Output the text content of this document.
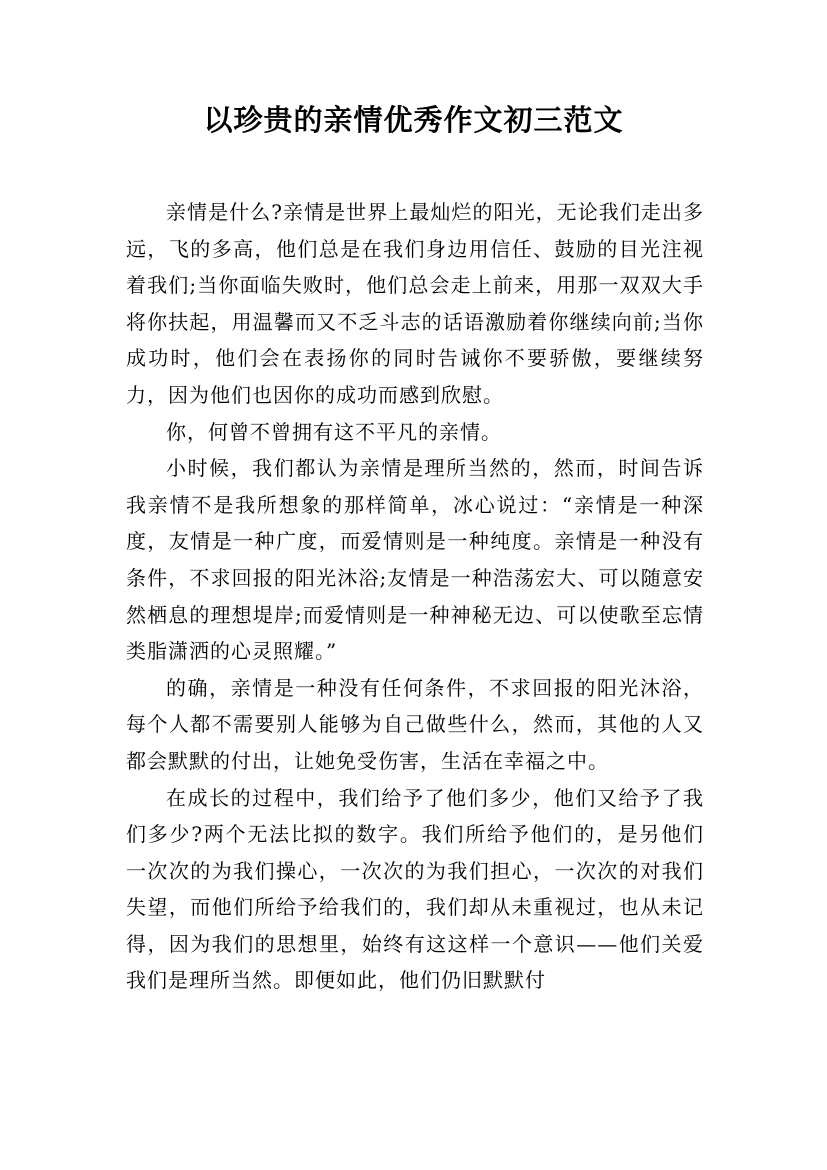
以珍贵的亲情优秀作文初三范文

亲情是什么?亲情是世界上最灿烂的阳光，无论我们走出多远，飞的多高，他们总是在我们身边用信任、鼓励的目光注视着我们;当你面临失败时，他们总会走上前来，用那一双双大手将你扶起，用温馨而又不乏斗志的话语激励着你继续向前;当你成功时，他们会在表扬你的同时告诫你不要骄傲，要继续努力，因为他们也因你的成功而感到欣慰。

你，何曾不曾拥有这不平凡的亲情。

小时候，我们都认为亲情是理所当然的，然而，时间告诉我亲情不是我所想象的那样简单，冰心说过：“亲情是一种深度，友情是一种广度，而爱情则是一种纯度。亲情是一种没有条件，不求回报的阳光沐浴;友情是一种浩荡宏大、可以随意安然栖息的理想堤岸;而爱情则是一种神秘无边、可以使歌至忘情类脂潇洒的心灵照耀。”

的确，亲情是一种没有任何条件，不求回报的阳光沐浴，每个人都不需要别人能够为自己做些什么，然而，其他的人又都会默默的付出，让她免受伤害，生活在幸福之中。

在成长的过程中，我们给予了他们多少，他们又给予了我们多少?两个无法比拟的数字。我们所给予他们的，是另他们一次次的为我们操心，一次次的为我们担心，一次次的对我们失望，而他们所给予给我们的，我们却从未重视过，也从未记得，因为我们的思想里，始终有这这样一个意识——他们关爱我们是理所当然。即便如此，他们仍旧默默付
